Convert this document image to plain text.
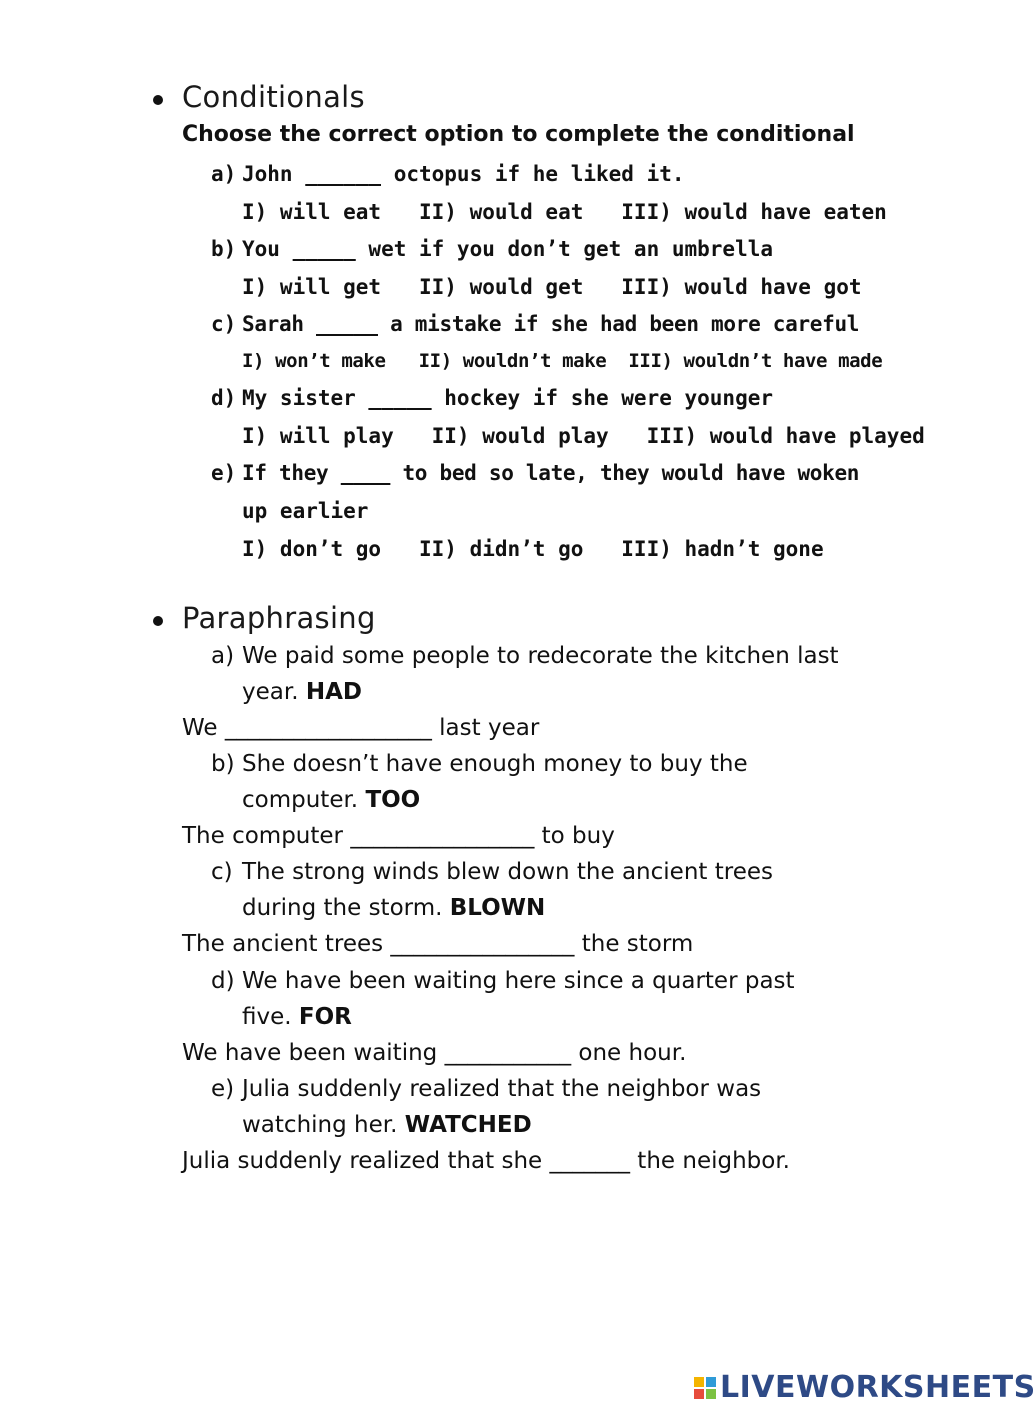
Conditionals
Choose the correct option to complete the conditional
a) John ______ octopus if he liked it.
I) will eat   II) would eat   III) would have eaten
b) You _____ wet if you don’t get an umbrella
I) will get   II) would get   III) would have got
c) Sarah _____ a mistake if she had been more careful
I) won’t make   II) wouldn’t make  III) wouldn’t have made
d) My sister _____ hockey if she were younger
I) will play   II) would play   III) would have played
e) If they ____ to bed so late, they would have woken
up earlier
I) don’t go   II) didn’t go   III) hadn’t gone
Paraphrasing
a) We paid some people to redecorate the kitchen last
year. HAD
We __________________ last year
b) She doesn’t have enough money to buy the
computer. TOO
The computer ________________ to buy
c) The strong winds blew down the ancient trees
during the storm. BLOWN
The ancient trees ________________ the storm
d) We have been waiting here since a quarter past
five. FOR
We have been waiting ___________ one hour.
e) Julia suddenly realized that the neighbor was
watching her. WATCHED
Julia suddenly realized that she _______ the neighbor.
LIVEWORKSHEETS
